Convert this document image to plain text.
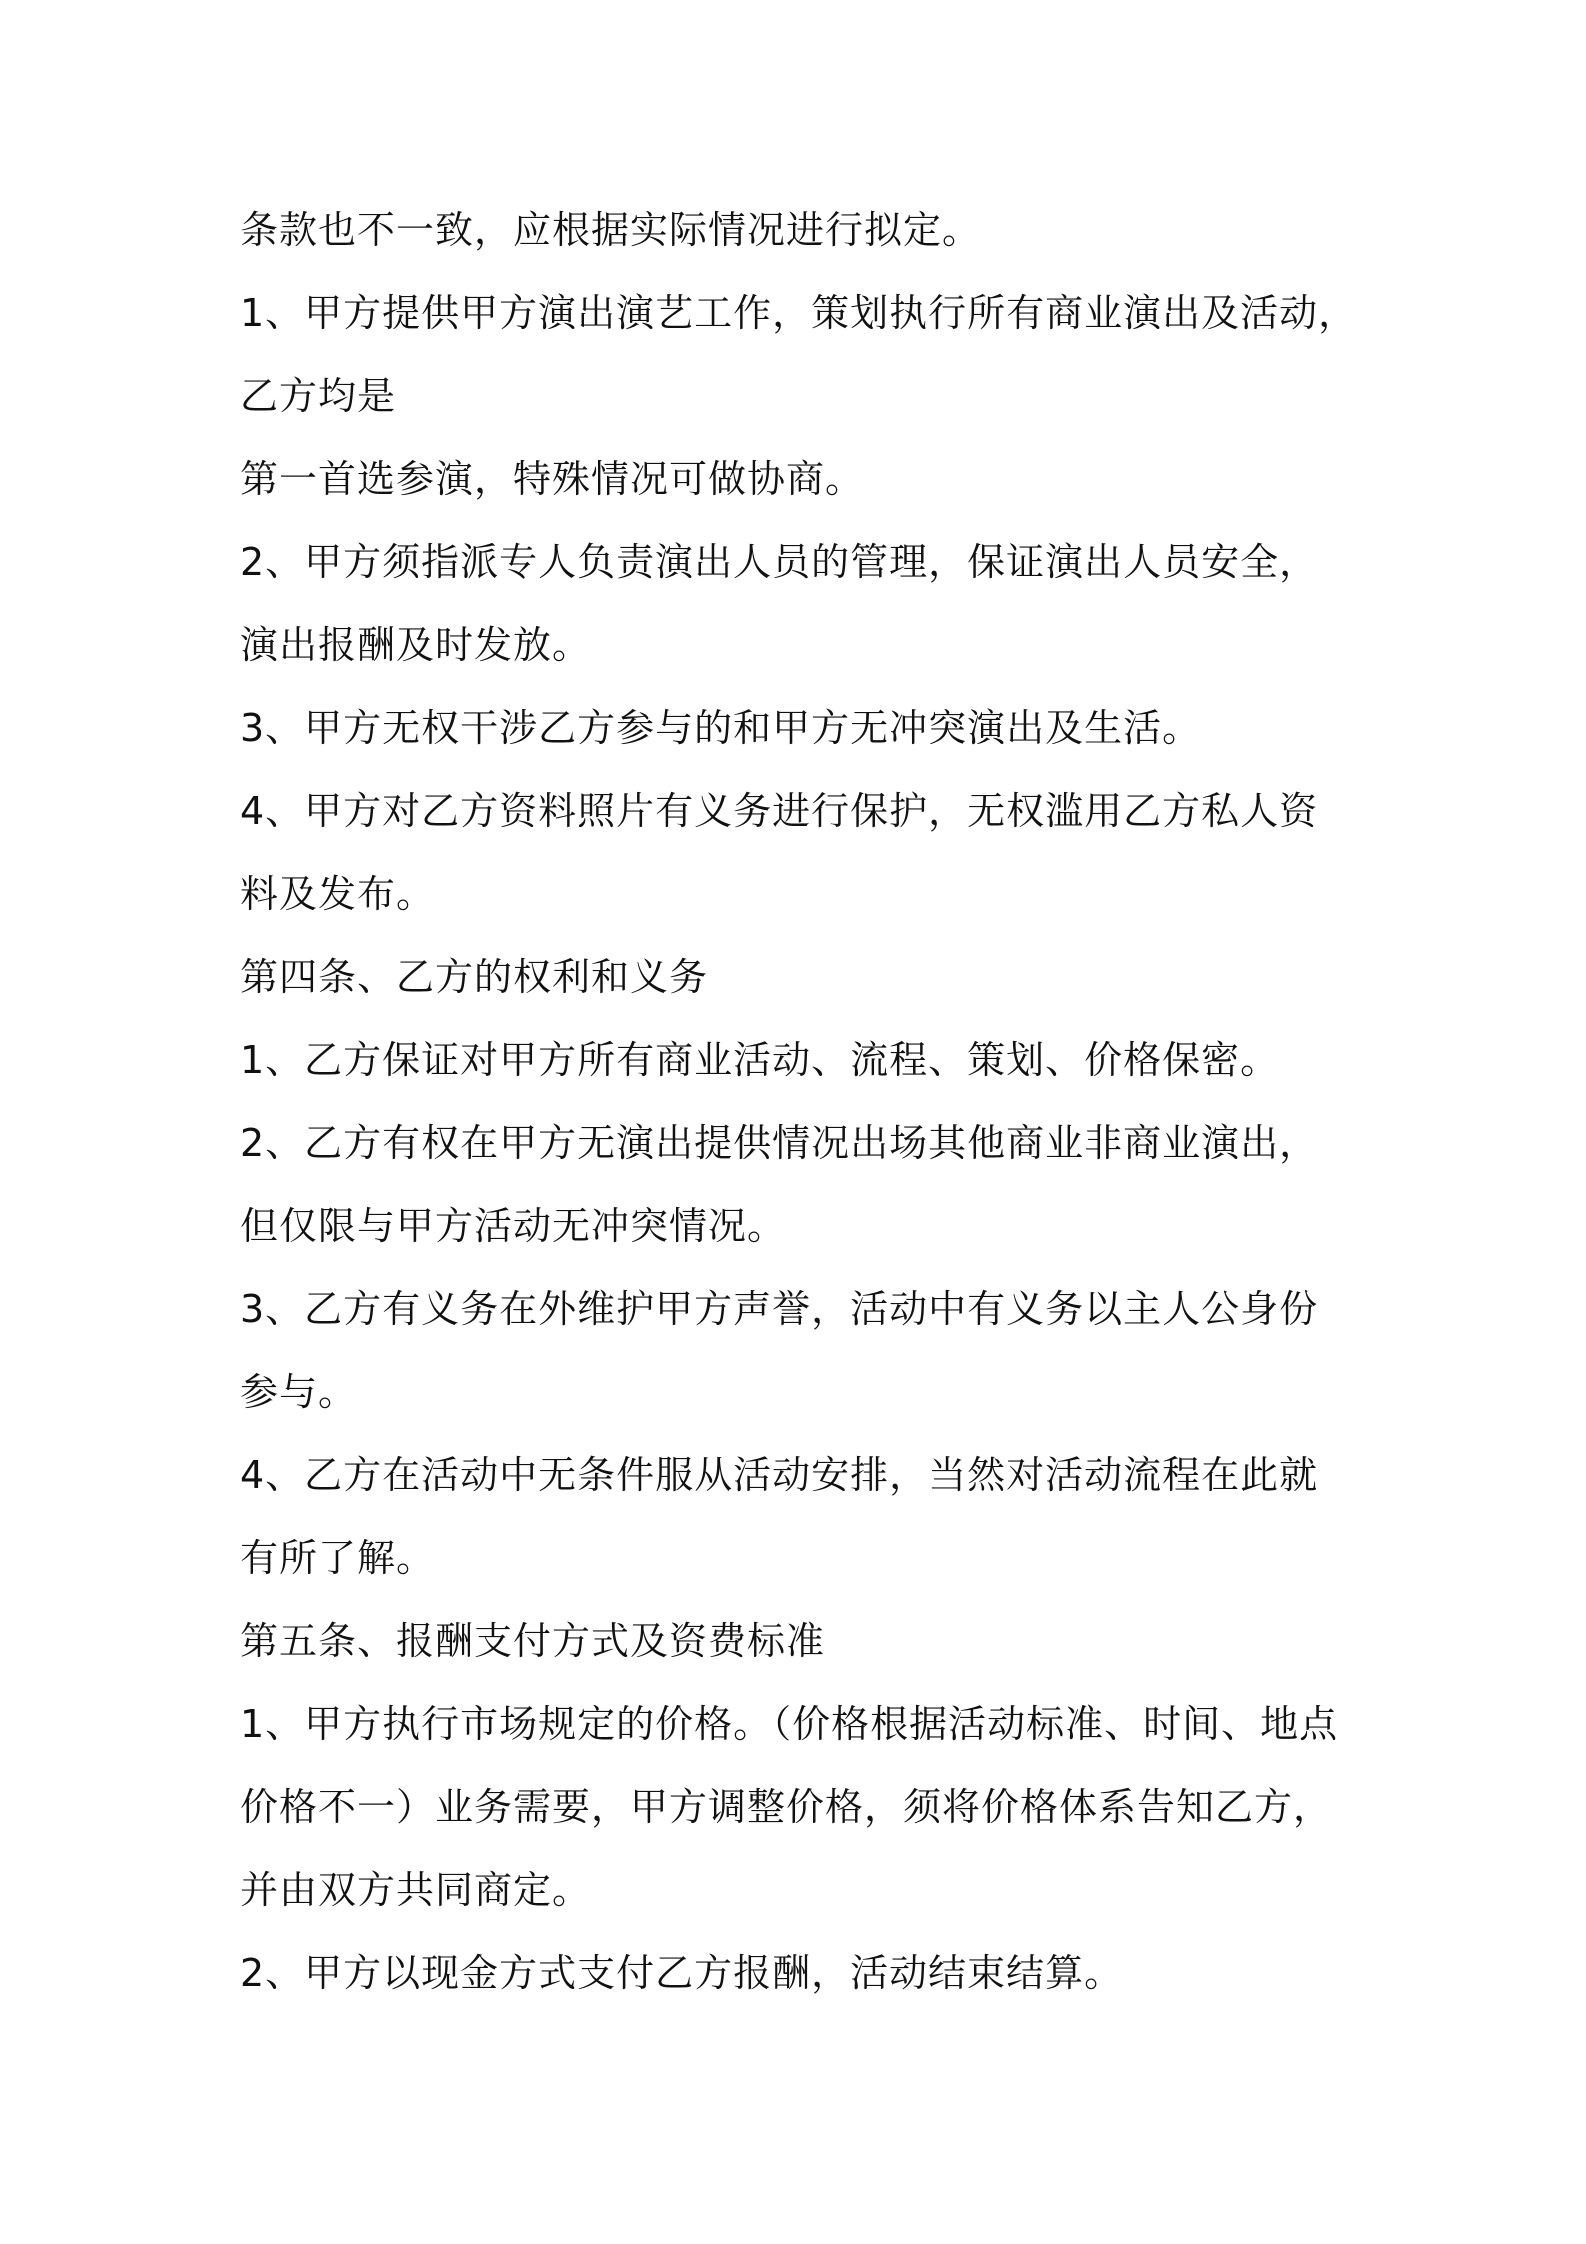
条款也不一致，应根据实际情况进行拟定。

1、甲方提供甲方演出演艺工作，策划执行所有商业演出及活动，

乙方均是

第一首选参演，特殊情况可做协商。

2、甲方须指派专人负责演出人员的管理，保证演出人员安全，

演出报酬及时发放。

3、甲方无权干涉乙方参与的和甲方无冲突演出及生活。

4、甲方对乙方资料照片有义务进行保护，无权滥用乙方私人资

料及发布。

第四条、乙方的权利和义务

1、乙方保证对甲方所有商业活动、流程、策划、价格保密。

2、乙方有权在甲方无演出提供情况出场其他商业非商业演出，

但仅限与甲方活动无冲突情况。

3、乙方有义务在外维护甲方声誉，活动中有义务以主人公身份

参与。

4、乙方在活动中无条件服从活动安排，当然对活动流程在此就

有所了解。

第五条、报酬支付方式及资费标准

1、甲方执行市场规定的价格。（价格根据活动标准、时间、地点

价格不一）业务需要，甲方调整价格，须将价格体系告知乙方，

并由双方共同商定。

2、甲方以现金方式支付乙方报酬，活动结束结算。
